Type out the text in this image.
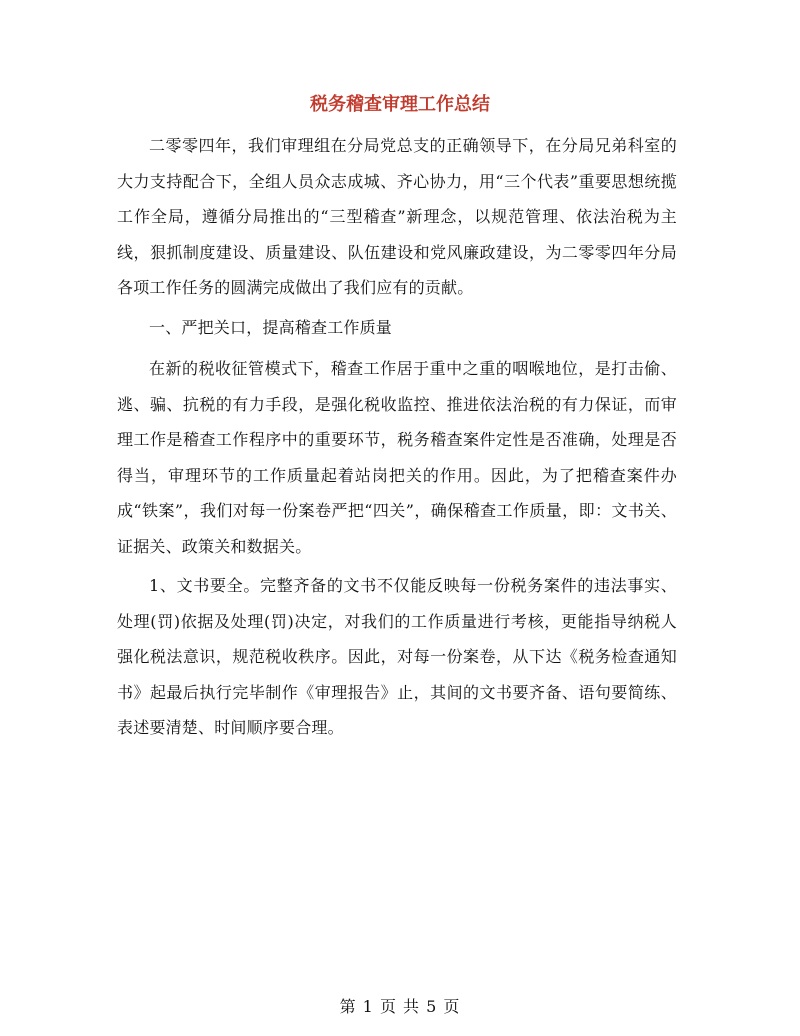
税务稽查审理工作总结

二零零四年，我们审理组在分局党总支的正确领导下，在分局兄弟科室的大力支持配合下，全组人员众志成城、齐心协力，用“三个代表”重要思想统揽工作全局，遵循分局推出的“三型稽查”新理念，以规范管理、依法治税为主线，狠抓制度建设、质量建设、队伍建设和党风廉政建设，为二零零四年分局各项工作任务的圆满完成做出了我们应有的贡献。

一、严把关口，提高稽查工作质量

在新的税收征管模式下，稽查工作居于重中之重的咽喉地位，是打击偷、逃、骗、抗税的有力手段，是强化税收监控、推进依法治税的有力保证，而审理工作是稽查工作程序中的重要环节，税务稽查案件定性是否准确，处理是否得当，审理环节的工作质量起着站岗把关的作用。因此，为了把稽查案件办成“铁案”，我们对每一份案卷严把“四关”，确保稽查工作质量，即：文书关、证据关、政策关和数据关。

1、文书要全。完整齐备的文书不仅能反映每一份税务案件的违法事实、处理(罚)依据及处理(罚)决定，对我们的工作质量进行考核，更能指导纳税人强化税法意识，规范税收秩序。因此，对每一份案卷，从下达《税务检查通知书》起最后执行完毕制作《审理报告》止，其间的文书要齐备、语句要简练、表述要清楚、时间顺序要合理。

第 1 页 共 5 页
